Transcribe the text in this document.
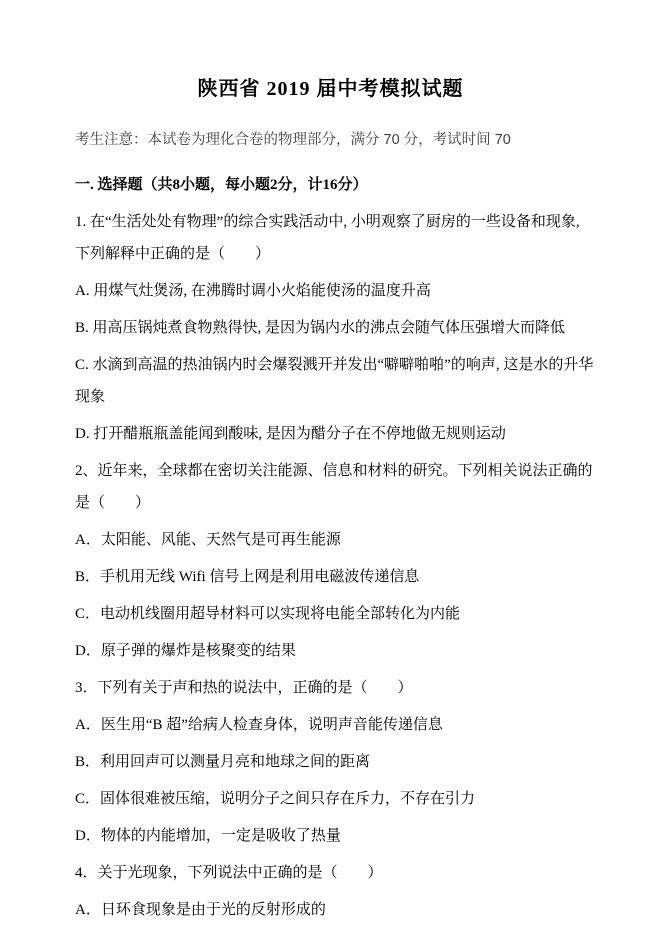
陕西省 2019 届中考模拟试题

考生注意：本试卷为理化合卷的物理部分，满分 70 分，考试时间 70

一. 选择题（共8小题，每小题2分，计16分）

1. 在“生活处处有物理”的综合实践活动中, 小明观察了厨房的一些设备和现象, 下列解释中正确的是（　　）

A. 用煤气灶煲汤, 在沸腾时调小火焰能使汤的温度升高

B. 用高压锅炖煮食物熟得快, 是因为锅内水的沸点会随气体压强增大而降低

C. 水滴到高温的热油锅内时会爆裂溅开并发出“噼噼啪啪”的响声, 这是水的升华现象

D. 打开醋瓶瓶盖能闻到酸味, 是因为醋分子在不停地做无规则运动

2、近年来，全球都在密切关注能源、信息和材料的研究。下列相关说法正确的是（　　）

A．太阳能、风能、天然气是可再生能源

B．手机用无线 Wifi 信号上网是利用电磁波传递信息

C．电动机线圈用超导材料可以实现将电能全部转化为内能

D．原子弹的爆炸是核聚变的结果

3．下列有关于声和热的说法中，正确的是（　　）

A．医生用“B 超”给病人检查身体，说明声音能传递信息

B．利用回声可以测量月亮和地球之间的距离

C．固体很难被压缩，说明分子之间只存在斥力，不存在引力

D．物体的内能增加，一定是吸收了热量

4．关于光现象，下列说法中正确的是（　　）

A．日环食现象是由于光的反射形成的
